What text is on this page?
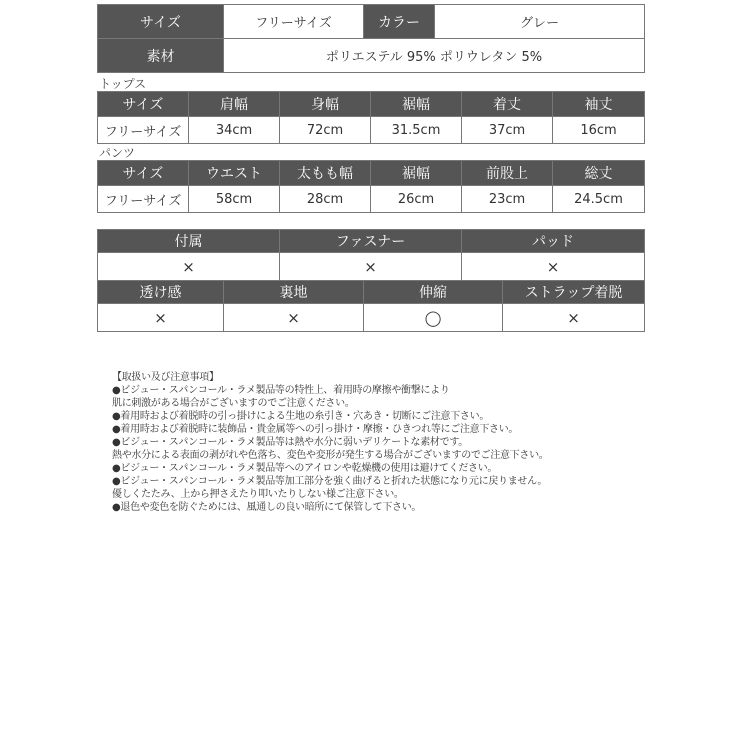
サイズ	フリーサイズ	カラー	グレー
素材	ポリエステル 95% ポリウレタン 5%		
トップス
サイズ	肩幅	身幅	裾幅	着丈	袖丈
フリーサイズ	34cm	72cm	31.5cm	37cm	16cm
パンツ
サイズ	ウエスト	太もも幅	裾幅	前股上	総丈
フリーサイズ	58cm	28cm	26cm	23cm	24.5cm
付属	ファスナー	パッド
×	×	×
透け感	裏地	伸縮	ストラップ着脱
×	×	◯	×
【取扱い及び注意事項】
●ビジュー・スパンコール・ラメ製品等の特性上、着用時の摩擦や衝撃により
肌に刺激がある場合がございますのでご注意ください。
●着用時および着脱時の引っ掛けによる生地の糸引き・穴あき・切断にご注意下さい。
●着用時および着脱時に装飾品・貴金属等への引っ掛け・摩擦・ひきつれ等にご注意下さい。
●ビジュー・スパンコール・ラメ製品等は熱や水分に弱いデリケートな素材です。
熱や水分による表面の剥がれや色落ち、変色や変形が発生する場合がございますのでご注意下さい。
●ビジュー・スパンコール・ラメ製品等へのアイロンや乾燥機の使用は避けてください。
●ビジュー・スパンコール・ラメ製品等加工部分を強く曲げると折れた状態になり元に戻りません。
優しくたたみ、上から押さえたり叩いたりしない様ご注意下さい。
●退色や変色を防ぐためには、風通しの良い暗所にて保管して下さい。
